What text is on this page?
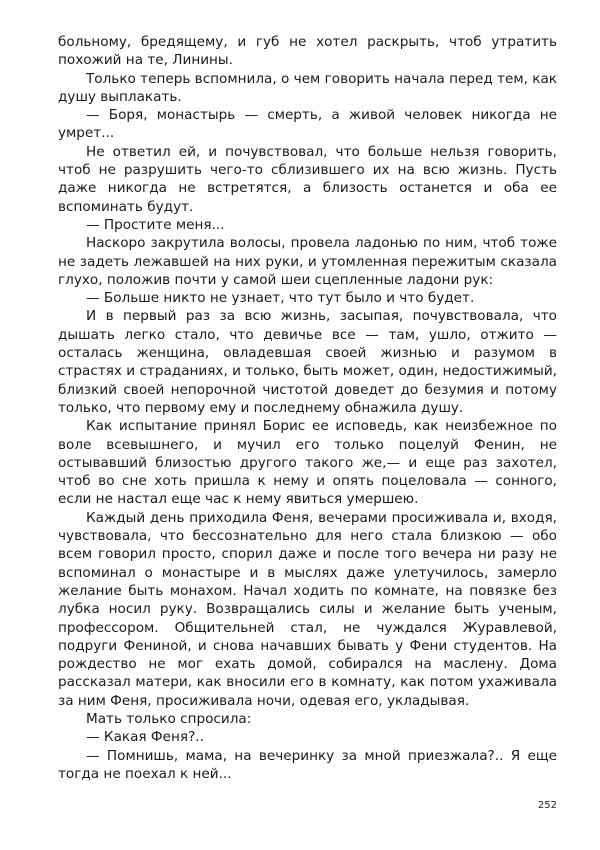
больному, бредящему, и губ не хотел раскрыть, чтоб утратить похожий на те, Линины.

Только теперь вспомнила, о чем говорить начала перед тем, как душу выплакать.

— Боря, монастырь — смерть, а живой человек никогда не умрет...

Не ответил ей, и почувствовал, что больше нельзя говорить, чтоб не разрушить чего-то сблизившего их на всю жизнь. Пусть даже никогда не встретятся, а близость останется и оба ее вспоминать будут.

— Простите меня...

Наскоро закрутила волосы, провела ладонью по ним, чтоб тоже не задеть лежавшей на них руки, и утомленная пережитым сказала глухо, положив почти у самой шеи сцепленные ладони рук:

— Больше никто не узнает, что тут было и что будет.

И в первый раз за всю жизнь, засыпая, почувствовала, что дышать легко стало, что девичье все — там, ушло, отжито — осталась женщина, овладевшая своей жизнью и разумом в страстях и страданиях, и только, быть может, один, недостижимый, близкий своей непорочной чистотой доведет до безумия и потому только, что первому ему и последнему обнажила душу.

Как испытание принял Борис ее исповедь, как неизбежное по воле всевышнего, и мучил его только поцелуй Фенин, не остывавший близостью другого такого же,— и еще раз захотел, чтоб во сне хоть пришла к нему и опять поцеловала — сонного, если не настал еще час к нему явиться умершею.

Каждый день приходила Феня, вечерами просиживала и, входя, чувствовала, что бессознательно для него стала близкою — обо всем говорил просто, спорил даже и после того вечера ни разу не вспоминал о монастыре и в мыслях даже улетучилось, замерло желание быть монахом. Начал ходить по комнате, на повязке без лубка носил руку. Возвращались силы и желание быть ученым, профессором. Общительней стал, не чуждался Журавлевой, подруги Фениной, и снова начавших бывать у Фени студентов. На рождество не мог ехать домой, собирался на маслену. Дома рассказал матери, как вносили его в комнату, как потом ухаживала за ним Феня, просиживала ночи, одевая его, укладывая.

Мать только спросила:

— Какая Феня?..

— Помнишь, мама, на вечеринку за мной приезжала?.. Я еще тогда не поехал к ней...

252
